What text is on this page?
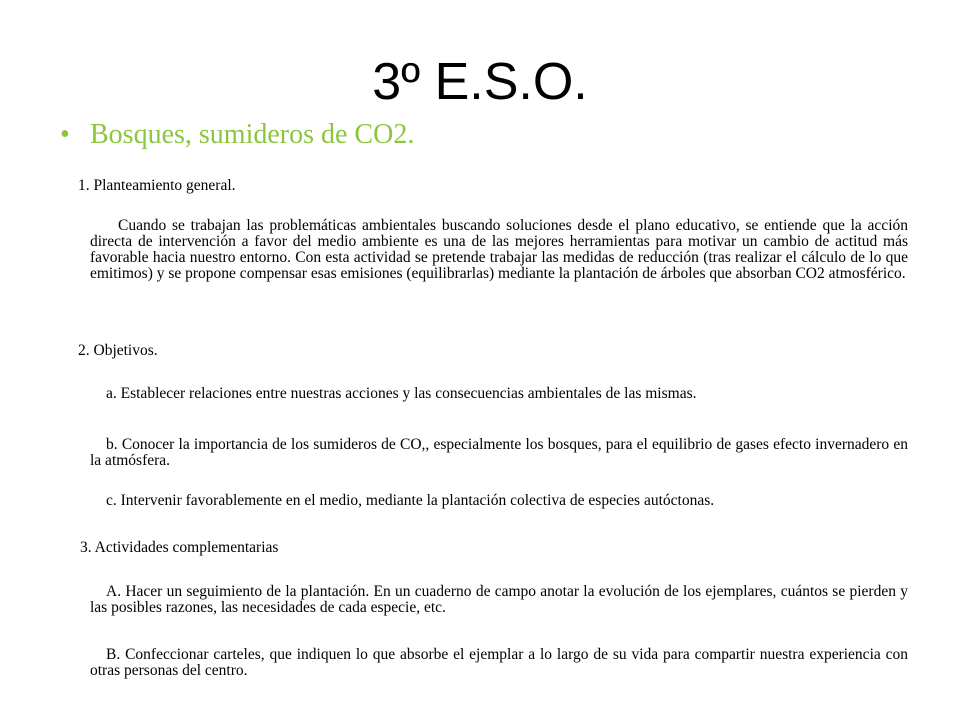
3º E.S.O.
• Bosques, sumideros de CO2.
1. Planteamiento general.
Cuando se trabajan las problemáticas ambientales buscando soluciones desde el plano educativo, se entiende que la acción directa de intervención a favor del medio ambiente es una de las mejores herramientas para motivar un cambio de actitud más favorable hacia nuestro entorno. Con esta actividad se pretende trabajar las medidas de reducción (tras realizar el cálculo de lo que emitimos) y se propone compensar esas emisiones (equilibrarlas) mediante la plantación de árboles que absorban CO2 atmosférico.
2. Objetivos.
a. Establecer relaciones entre nuestras acciones y las consecuencias ambientales de las mismas.
b. Conocer la importancia de los sumideros de CO,, especialmente los bosques, para el equilibrio de gases efecto invernadero en la atmósfera.
c. Intervenir favorablemente en el medio, mediante la plantación colectiva de especies autóctonas.
3. Actividades complementarias
A. Hacer un seguimiento de la plantación. En un cuaderno de campo anotar la evolución de los ejemplares, cuántos se pierden y las posibles razones, las necesidades de cada especie, etc.
B. Confeccionar carteles, que indiquen lo que absorbe el ejemplar a lo largo de su vida para compartir nuestra experiencia con otras personas del centro.
